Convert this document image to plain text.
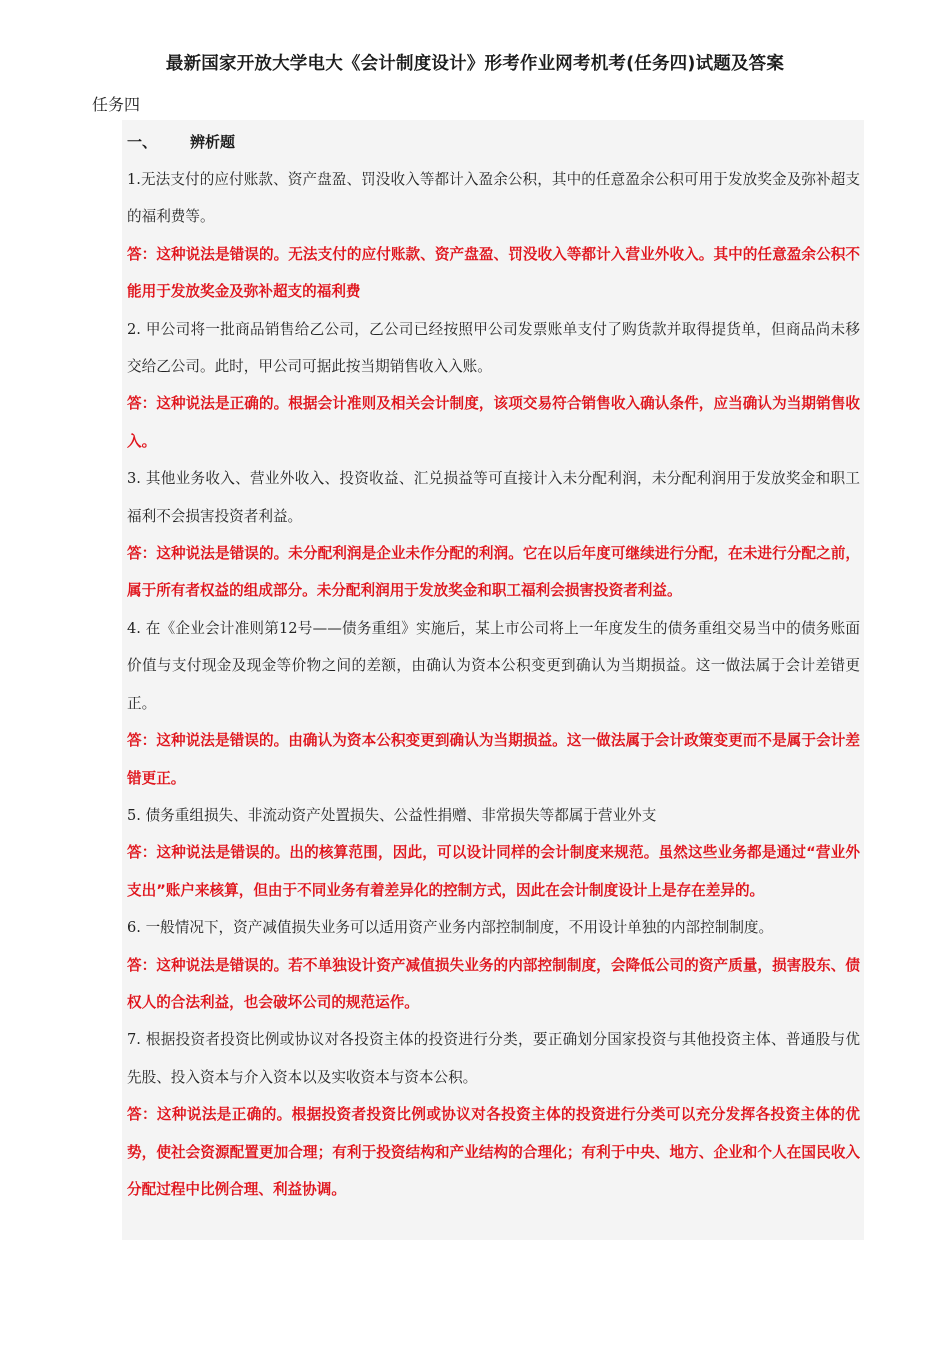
最新国家开放大学电大《会计制度设计》形考作业网考机考(任务四)试题及答案
任务四
一、	辨析题

1.无法支付的应付账款、资产盘盈、罚没收入等都计入盈余公积，其中的任意盈余公积可用于发放奖金及弥补超支的福利费等。

答：这种说法是错误的。无法支付的应付账款、资产盘盈、罚没收入等都计入营业外收入。其中的任意盈余公积不能用于发放奖金及弥补超支的福利费

2. 甲公司将一批商品销售给乙公司，乙公司已经按照甲公司发票账单支付了购货款并取得提货单，但商品尚未移交给乙公司。此时，甲公司可据此按当期销售收入入账。

答：这种说法是正确的。根据会计准则及相关会计制度，该项交易符合销售收入确认条件，应当确认为当期销售收入。

3. 其他业务收入、营业外收入、投资收益、汇兑损益等可直接计入未分配利润，未分配利润用于发放奖金和职工福利不会损害投资者利益。

答：这种说法是错误的。未分配利润是企业未作分配的利润。它在以后年度可继续进行分配，在未进行分配之前，属于所有者权益的组成部分。未分配利润用于发放奖金和职工福利会损害投资者利益。

4. 在《企业会计准则第12号——债务重组》实施后，某上市公司将上一年度发生的债务重组交易当中的债务账面价值与支付现金及现金等价物之间的差额，由确认为资本公积变更到确认为当期损益。这一做法属于会计差错更正。

答：这种说法是错误的。由确认为资本公积变更到确认为当期损益。这一做法属于会计政策变更而不是属于会计差错更正。

5. 债务重组损失、非流动资产处置损失、公益性捐赠、非常损失等都属于营业外支

答：这种说法是错误的。出的核算范围，因此，可以设计同样的会计制度来规范。虽然这些业务都是通过“营业外支出”账户来核算，但由于不同业务有着差异化的控制方式，因此在会计制度设计上是存在差异的。

6. 一般情况下，资产减值损失业务可以适用资产业务内部控制制度，不用设计单独的内部控制制度。

答：这种说法是错误的。若不单独设计资产减值损失业务的内部控制制度，会降低公司的资产质量，损害股东、债权人的合法利益，也会破坏公司的规范运作。

7. 根据投资者投资比例或协议对各投资主体的投资进行分类，要正确划分国家投资与其他投资主体、普通股与优先股、投入资本与介入资本以及实收资本与资本公积。

答：这种说法是正确的。根据投资者投资比例或协议对各投资主体的投资进行分类可以充分发挥各投资主体的优势，使社会资源配置更加合理；有利于投资结构和产业结构的合理化；有利于中央、地方、企业和个人在国民收入分配过程中比例合理、利益协调。
